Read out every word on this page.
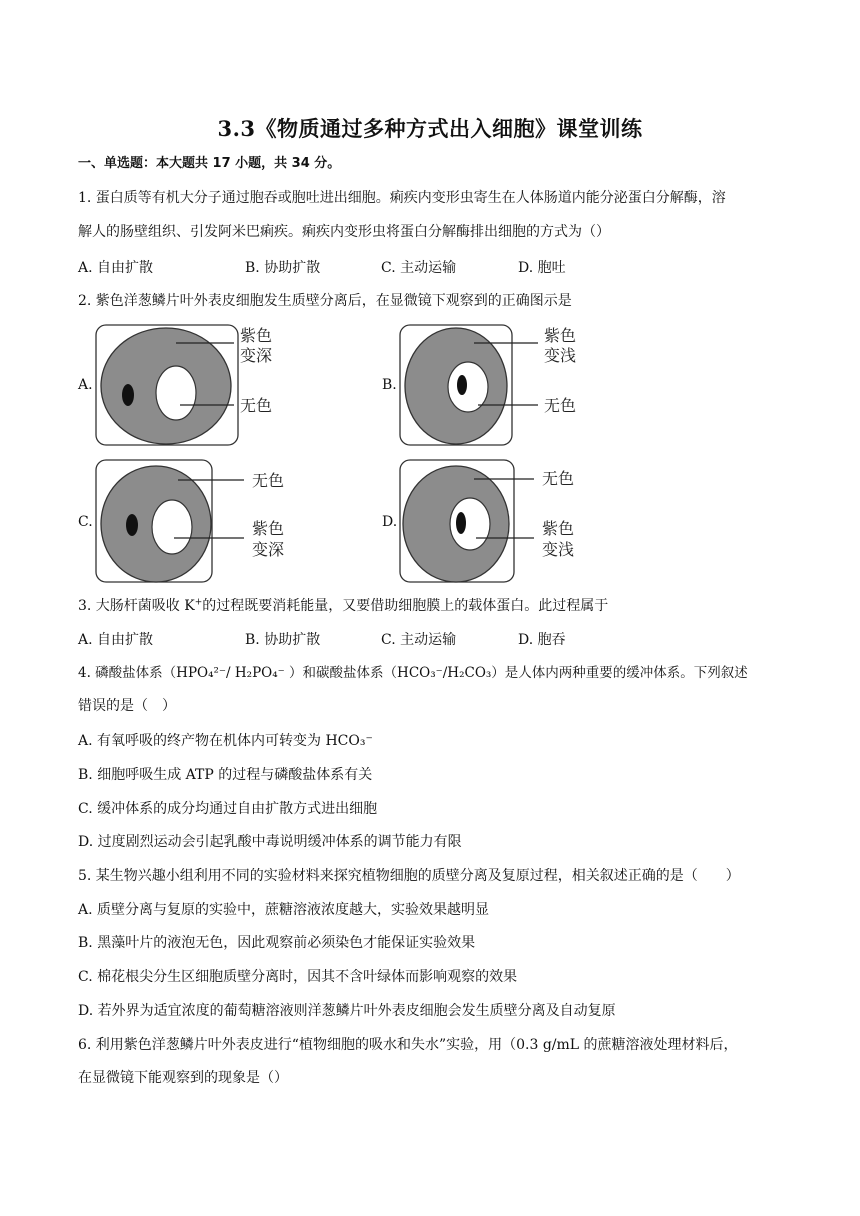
3.3《物质通过多种方式出入细胞》课堂训练
一、单选题：本大题共 17 小题，共 34 分。
1. 蛋白质等有机大分子通过胞吞或胞吐进出细胞。痢疾内变形虫寄生在人体肠道内能分泌蛋白分解酶，溶
解人的肠壁组织、引发阿米巴痢疾。痢疾内变形虫将蛋白分解酶排出细胞的方式为（）
A. 自由扩散	B. 协助扩散	C. 主动运输	D. 胞吐
2. 紫色洋葱鳞片叶外表皮细胞发生质壁分离后，在显微镜下观察到的正确图示是
A.
紫色
变深
无色
B.
紫色
变浅
无色
C.
无色
紫色
变深
D.
无色
紫色
变浅
3. 大肠杆菌吸收 K+的过程既要消耗能量，又要借助细胞膜上的载体蛋白。此过程属于
A. 自由扩散	B. 协助扩散	C. 主动运输	D. 胞吞
4. 磷酸盐体系（HPO₄²⁻/ H₂PO₄⁻ ）和碳酸盐体系（HCO₃⁻/H₂CO₃）是人体内两种重要的缓冲体系。下列叙述
错误的是（　）
A. 有氧呼吸的终产物在机体内可转变为 HCO₃⁻
B. 细胞呼吸生成 ATP 的过程与磷酸盐体系有关
C. 缓冲体系的成分均通过自由扩散方式进出细胞
D. 过度剧烈运动会引起乳酸中毒说明缓冲体系的调节能力有限
5. 某生物兴趣小组利用不同的实验材料来探究植物细胞的质壁分离及复原过程，相关叙述正确的是（　　）
A. 质壁分离与复原的实验中，蔗糖溶液浓度越大，实验效果越明显
B. 黑藻叶片的液泡无色，因此观察前必须染色才能保证实验效果
C. 棉花根尖分生区细胞质壁分离时，因其不含叶绿体而影响观察的效果
D. 若外界为适宜浓度的葡萄糖溶液则洋葱鳞片叶外表皮细胞会发生质壁分离及自动复原
6. 利用紫色洋葱鳞片叶外表皮进行“植物细胞的吸水和失水”实验，用（0.3 g/mL 的蔗糖溶液处理材料后，
在显微镜下能观察到的现象是（）
